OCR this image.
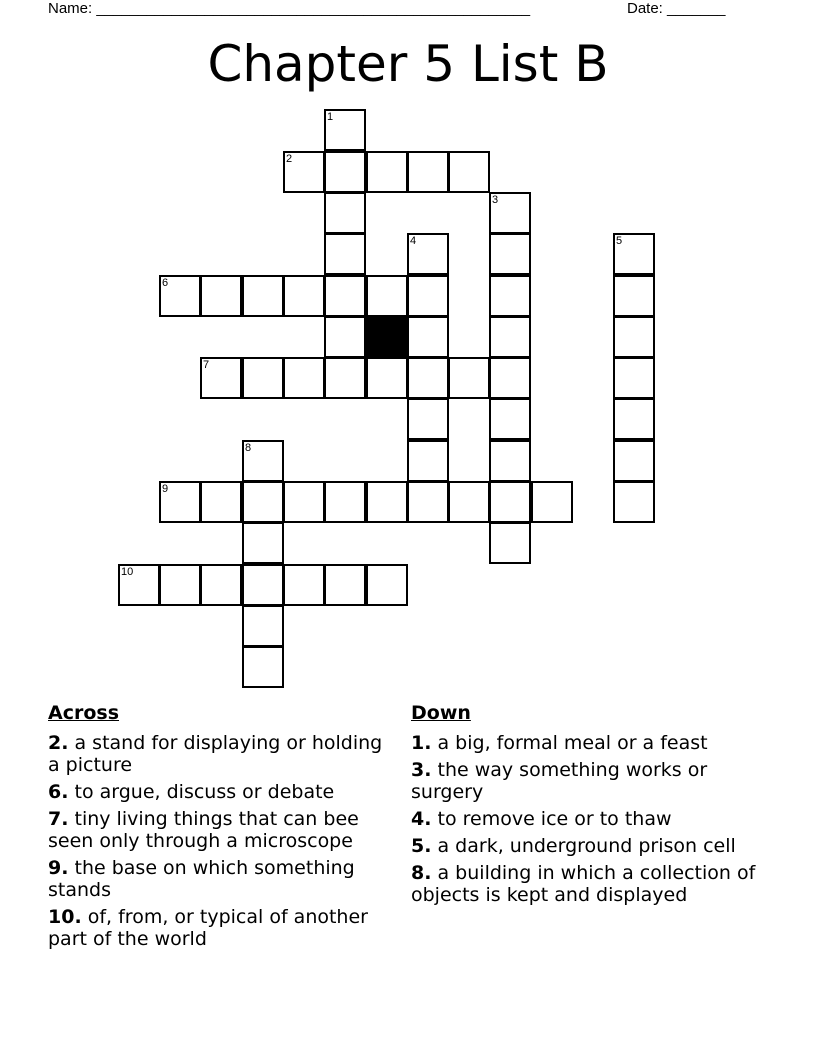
Name: ____________________________________________________	Date: _______
Chapter 5 List B
1
2
3
4	5
6
7
8
9
10
Across
2. a stand for displaying or holding a picture
6. to argue, discuss or debate
7. tiny living things that can bee seen only through a microscope
9. the base on which something stands
10. of, from, or typical of another part of the world
Down
1. a big, formal meal or a feast
3. the way something works or surgery
4. to remove ice or to thaw
5. a dark, underground prison cell
8. a building in which a collection of objects is kept and displayed
